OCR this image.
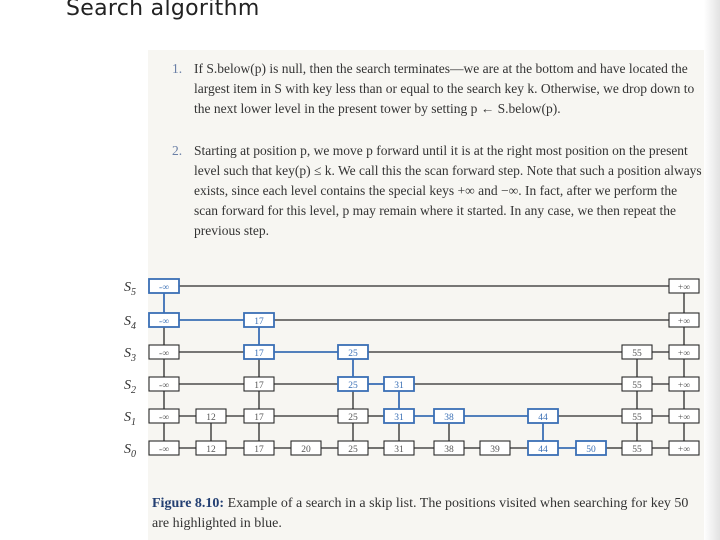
Search algorithm
1. If S.below(p) is null, then the search terminates—we are at the bottom and have located the largest item in S with key less than or equal to the search key k. Otherwise, we drop down to the next lower level in the present tower by setting p ← S.below(p).

2. Starting at position p, we move p forward until it is at the right most position on the present level such that key(p) ≤ k. We call this the scan forward step. Note that such a position always exists, since each level contains the special keys +∞ and −∞. In fact, after we perform the scan forward for this level, p may remain where it started. In any case, we then repeat the previous step.

$S_5$
$S_4$
$S_3$
$S_2$
$S_1$
$S_0$
-∞	+∞
-∞	17	+∞
-∞	17	25	55	+∞
-∞	17	25	31	55	+∞
-∞	12	17	25	31	38	44	55	+∞
-∞	12	17	20	25	31	38	39	44	50	55	+∞

Figure 8.10: Example of a search in a skip list. The positions visited when searching for key 50 are highlighted in blue.
